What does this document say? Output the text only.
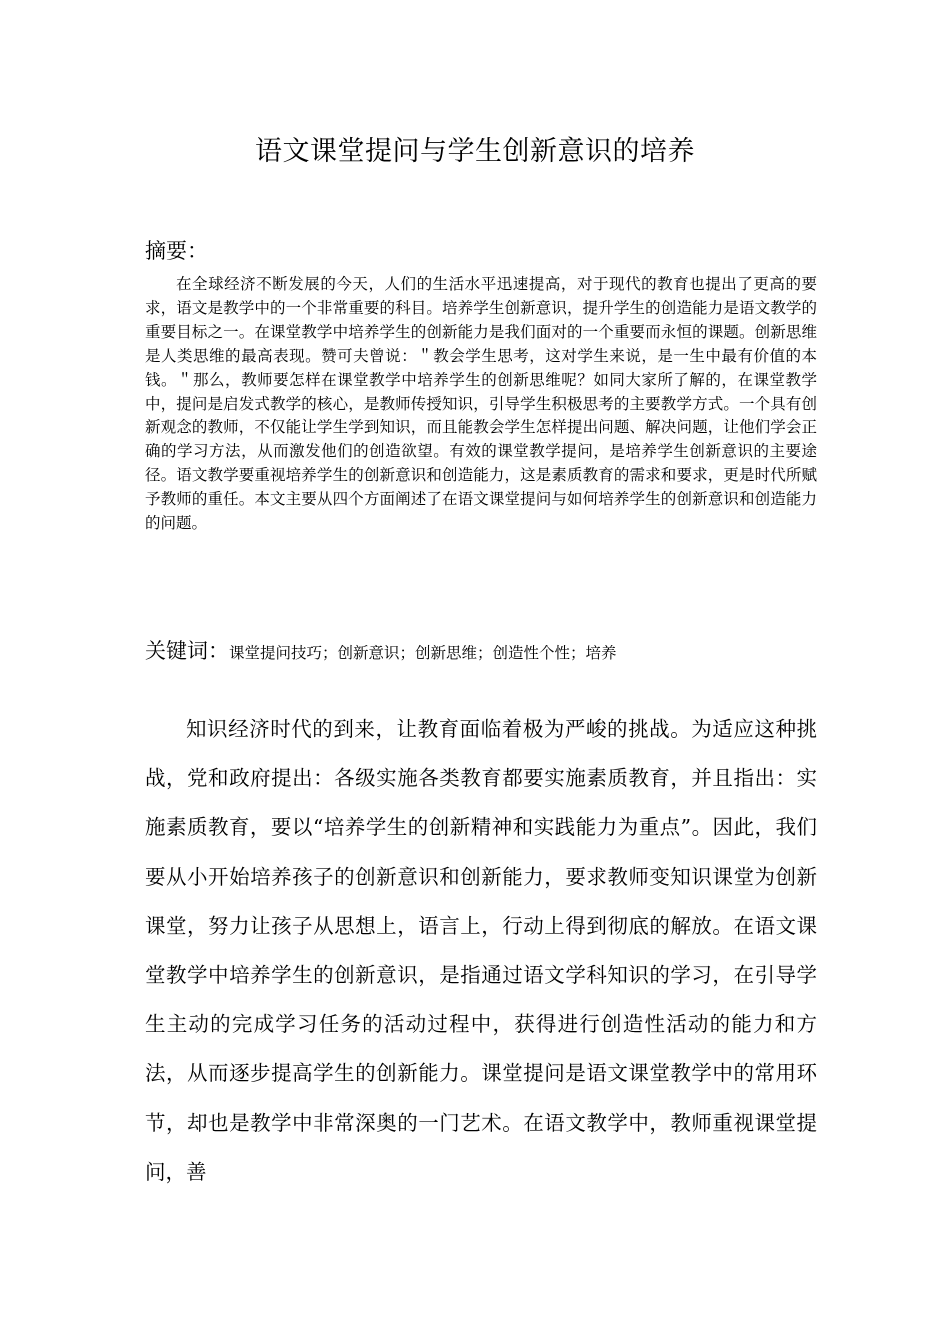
语文课堂提问与学生创新意识的培养
摘要：
在全球经济不断发展的今天，人们的生活水平迅速提高，对于现代的教育也提出了更高的要求，语文是教学中的一个非常重要的科目。培养学生创新意识，提升学生的创造能力是语文教学的重要目标之一。在课堂教学中培养学生的创新能力是我们面对的一个重要而永恒的课题。创新思维是人类思维的最高表现。赞可夫曾说：＂教会学生思考，这对学生来说，是一生中最有价值的本钱。＂那么，教师要怎样在课堂教学中培养学生的创新思维呢？如同大家所了解的，在课堂教学中，提问是启发式教学的核心，是教师传授知识，引导学生积极思考的主要教学方式。一个具有创新观念的教师，不仅能让学生学到知识，而且能教会学生怎样提出问题、解决问题，让他们学会正确的学习方法，从而激发他们的创造欲望。有效的课堂教学提问，是培养学生创新意识的主要途径。语文教学要重视培养学生的创新意识和创造能力，这是素质教育的需求和要求，更是时代所赋予教师的重任。本文主要从四个方面阐述了在语文课堂提问与如何培养学生的创新意识和创造能力的问题。
关键词：课堂提问技巧；创新意识；创新思维；创造性个性；培养
知识经济时代的到来，让教育面临着极为严峻的挑战。为适应这种挑战，党和政府提出：各级实施各类教育都要实施素质教育，并且指出：实施素质教育，要以“培养学生的创新精神和实践能力为重点”。因此，我们要从小开始培养孩子的创新意识和创新能力，要求教师变知识课堂为创新课堂，努力让孩子从思想上，语言上，行动上得到彻底的解放。在语文课堂教学中培养学生的创新意识，是指通过语文学科知识的学习，在引导学生主动的完成学习任务的活动过程中，获得进行创造性活动的能力和方法，从而逐步提高学生的创新能力。课堂提问是语文课堂教学中的常用环节，却也是教学中非常深奥的一门艺术。在语文教学中，教师重视课堂提问，善
